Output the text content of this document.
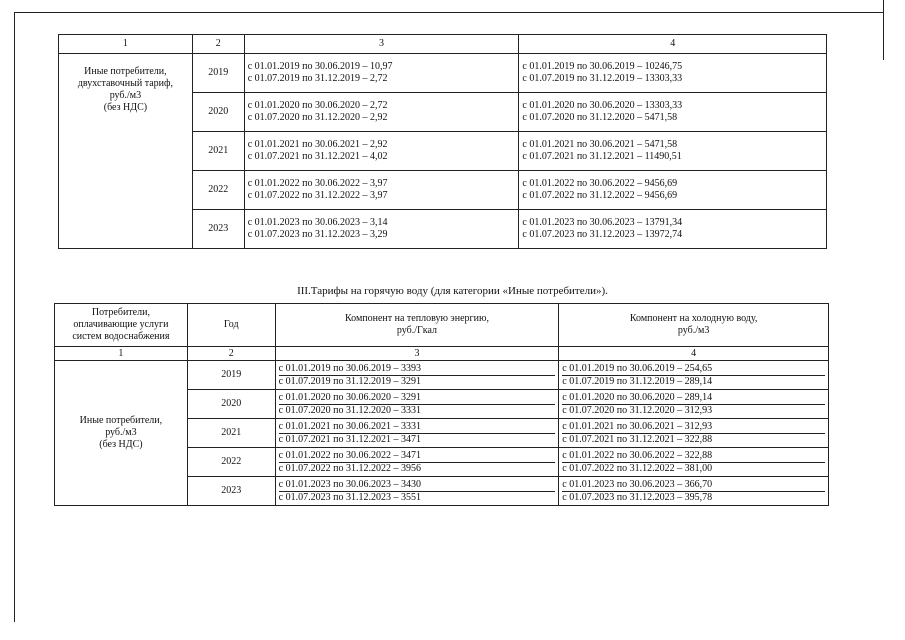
1	2	3	4

Иные потребители,
двухставочный тариф,
руб./м3
(без НДС)	2019	с 01.01.2019 по 30.06.2019 – 10,97
с 01.07.2019 по 31.12.2019 – 2,72	с 01.01.2019 по 30.06.2019 – 10246,75
с 01.07.2019 по 31.12.2019 – 13303,33

	2020	с 01.01.2020 по 30.06.2020 – 2,72
с 01.07.2020 по 31.12.2020 – 2,92	с 01.01.2020 по 30.06.2020 – 13303,33
с 01.07.2020 по 31.12.2020 – 5471,58

	2021	с 01.01.2021 по 30.06.2021 – 2,92
с 01.07.2021 по 31.12.2021 – 4,02	с 01.01.2021 по 30.06.2021 – 5471,58
с 01.07.2021 по 31.12.2021 – 11490,51

	2022	с 01.01.2022 по 30.06.2022 – 3,97
с 01.07.2022 по 31.12.2022 – 3,97	с 01.01.2022 по 30.06.2022 – 9456,69
с 01.07.2022 по 31.12.2022 – 9456,69

	2023	с 01.01.2023 по 30.06.2023 – 3,14
с 01.07.2023 по 31.12.2023 – 3,29	с 01.01.2023 по 30.06.2023 – 13791,34
с 01.07.2023 по 31.12.2023 – 13972,74
III.Тарифы на горячую воду (для категории «Иные потребители»).
Потребители,
оплачивающие услуги
систем водоснабжения	Год	Компонент на тепловую энергию,
руб./Гкал	Компонент на холодную воду,
руб./м3

1	2	3	4

Иные потребители,
руб./м3
(без НДС)	2019	с 01.01.2019 по 30.06.2019 – 3393
с 01.07.2019 по 31.12.2019 – 3291	с 01.01.2019 по 30.06.2019 – 254,65
с 01.07.2019 по 31.12.2019 – 289,14

	2020	с 01.01.2020 по 30.06.2020 – 3291
с 01.07.2020 по 31.12.2020 – 3331	с 01.01.2020 по 30.06.2020 – 289,14
с 01.07.2020 по 31.12.2020 – 312,93

	2021	с 01.01.2021 по 30.06.2021 – 3331
с 01.07.2021 по 31.12.2021 – 3471	с 01.01.2021 по 30.06.2021 – 312,93
с 01.07.2021 по 31.12.2021 – 322,88

	2022	с 01.01.2022 по 30.06.2022 – 3471
с 01.07.2022 по 31.12.2022 – 3956	с 01.01.2022 по 30.06.2022 – 322,88
с 01.07.2022 по 31.12.2022 – 381,00

	2023	с 01.01.2023 по 30.06.2023 – 3430
с 01.07.2023 по 31.12.2023 – 3551	с 01.01.2023 по 30.06.2023 – 366,70
с 01.07.2023 по 31.12.2023 – 395,78
